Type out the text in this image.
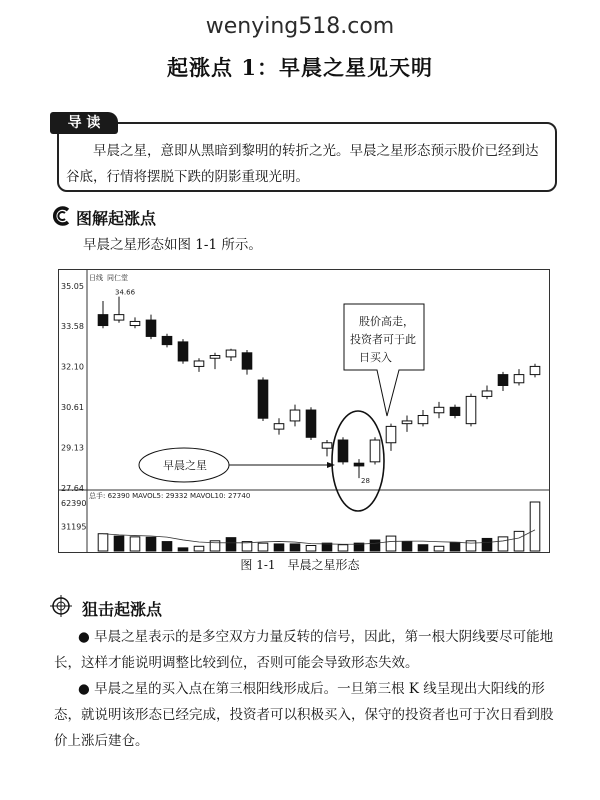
wenying518.com
起涨点 1：早晨之星见天明
导 读
早晨之星，意即从黑暗到黎明的转折之光。早晨之星形态预示股价已经到达谷底，行情将摆脱下跌的阴影重现光明。
图解起涨点
早晨之星形态如图 1-1 所示。
日线 同仁堂
35.05
33.58
32.10
30.61
29.13
27.64
62390
31195
总手: 62390 MAVOL5: 29332 MAVOL10: 27740
34.66
早晨之星
28
股价高走，
投资者可于此
日买入
图 1-1　早晨之星形态
狙击起涨点
● 早晨之星表示的是多空双方力量反转的信号，因此，第一根大阴线要尽可能地长，这样才能说明调整比较到位，否则可能会导致形态失效。
● 早晨之星的买入点在第三根阳线形成后。一旦第三根 K 线呈现出大阳线的形态，就说明该形态已经完成，投资者可以积极买入，保守的投资者也可于次日看到股价上涨后建仓。
